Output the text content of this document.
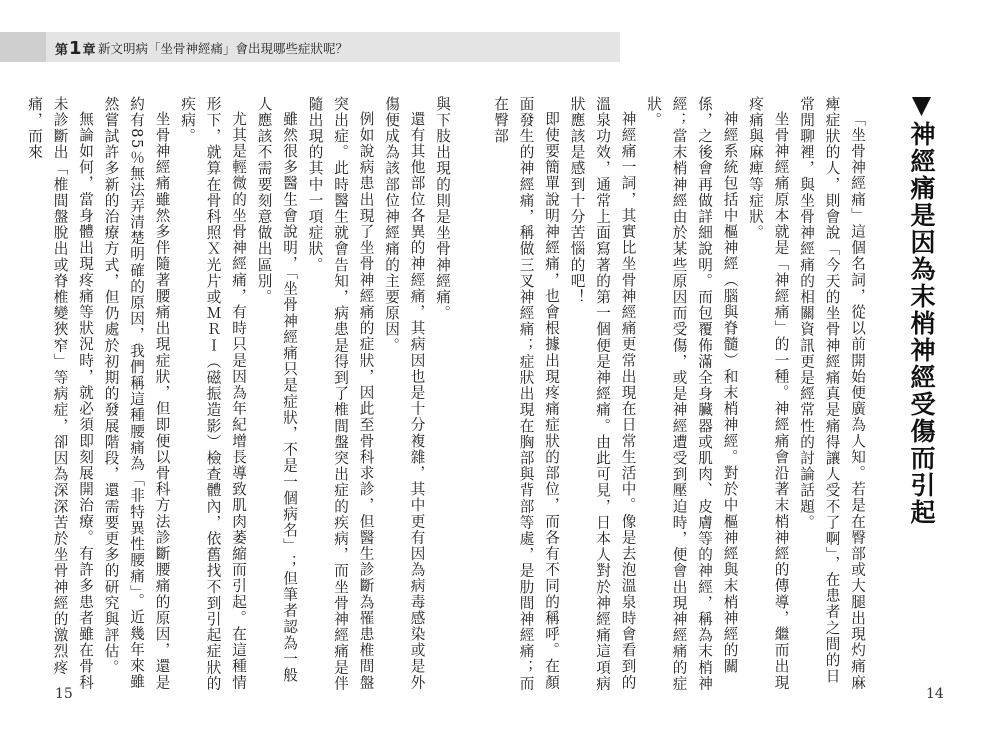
第1章 新文明病「坐骨神經痛」會出現哪些症狀呢？
▼神經痛是因為末梢神經受傷而引起

「坐骨神經痛」這個名詞，從以前開始便廣為人知。若是在臀部或大腿出現灼痛麻痺症狀的人，則會說「今天的坐骨神經痛真是痛得讓人受不了啊」，在患者之間的日常閒聊裡，與坐骨神經痛的相關資訊更是經常性的討論話題。

坐骨神經痛原本就是「神經痛」的一種。神經痛會沿著末梢神經的傳導，繼而出現疼痛與麻痺等症狀。

神經系統包括中樞神經（腦與脊髓）和末梢神經。對於中樞神經與末梢神經的關係，之後會再做詳細說明。而包覆佈滿全身臟器或肌肉、皮膚等的神經，稱為末梢神經；當末梢神經由於某些原因而受傷，或是神經遭受到壓迫時，便會出現神經痛的症狀。

神經痛一詞，其實比坐骨神經痛更常出現在日常生活中。像是去泡溫泉時會看到的溫泉功效，通常上面寫著的第一個便是神經痛。由此可見，日本人對於神經痛這項病狀應該是感到十分苦惱的吧！

即使要簡單說明神經痛，也會根據出現疼痛症狀的部位，而各有不同的稱呼。在顏面發生的神經痛，稱做三叉神經痛；症狀出現在胸部與背部等處，是肋間神經痛；而在臀部

與下肢出現的則是坐骨神經痛。

還有其他部位各異的神經痛，其病因也是十分複雜，其中更有因為病毒感染或是外傷便成為該部位神經痛的主要原因。

例如說病患出現了坐骨神經痛的症狀，因此至骨科求診，但醫生診斷為罹患椎間盤突出症。此時醫生就會告知，病患是得到了椎間盤突出症的疾病，而坐骨神經痛是伴隨出現的其中一項症狀。

雖然很多醫生會說明，「坐骨神經痛只是症狀，不是一個病名」；但筆者認為一般人應該不需要刻意做出區別。

尤其是輕微的坐骨神經痛，有時只是因為年紀增長導致肌肉萎縮而引起。在這種情形下，就算在骨科照Ｘ光片或ＭＲＩ（磁振造影）檢查體內，依舊找不到引起症狀的疾病。

坐骨神經痛雖然多伴隨著腰痛出現症狀，但即便以骨科方法診斷腰痛的原因，還是約有85％無法弄清楚明確的原因，我們稱這種腰痛為「非特異性腰痛」。近幾年來雖然嘗試許多新的治療方式，但仍處於初期的發展階段，還需要更多的研究與評估。

無論如何，當身體出現疼痛等狀況時，就必須即刻展開治療。有許多患者雖在骨科未診斷出「椎間盤脫出或脊椎變狹窄」等病症，卻因為深深苦於坐骨神經的激烈疼痛，而來

15	14
